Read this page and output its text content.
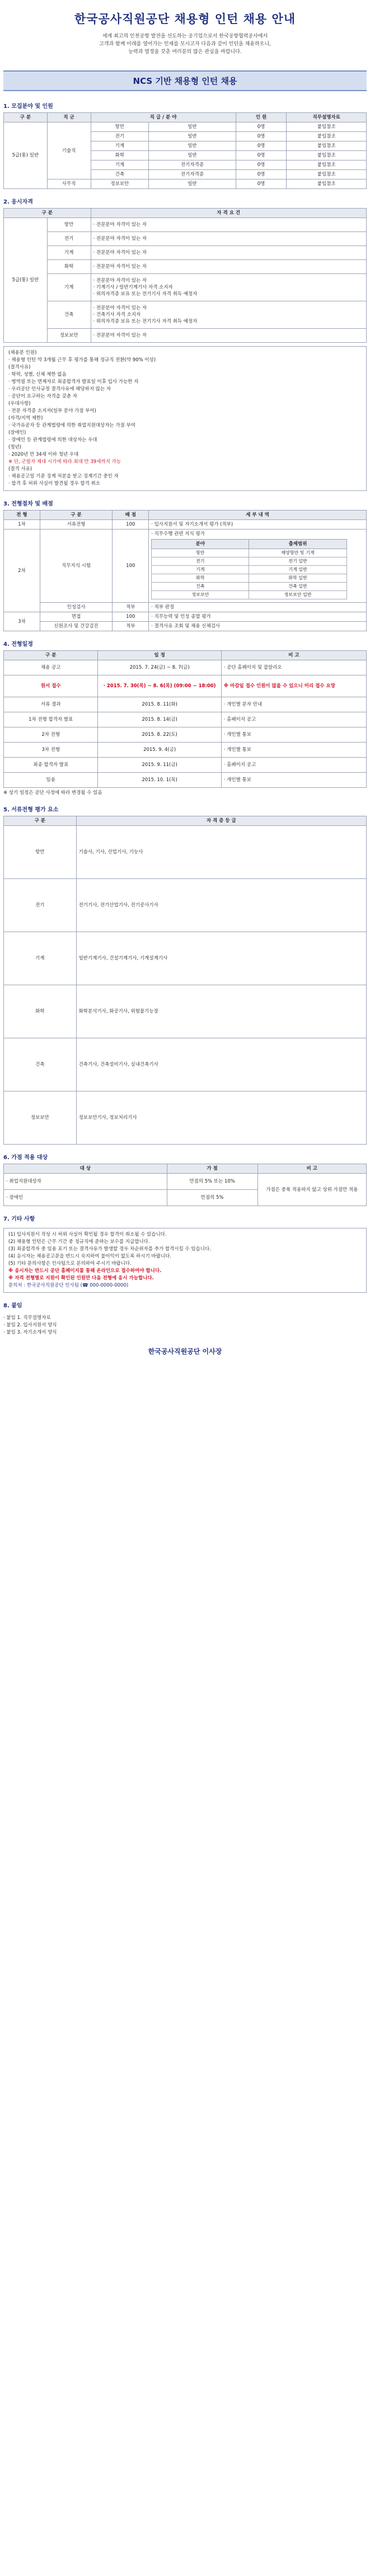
한국공사직원공단 채용형 인턴 채용 안내
세계 최고의 인천공항 발전을 선도하는 공기업으로서 한국공항협력공사에서
고객과 함께 미래를 열어가는 인재를 모시고자 다음과 같이 인턴을 채용하오니,
능력과 열정을 갖춘 여러분의 많은 관심을 바랍니다.
NCS 기반 채용형 인턴 채용
1. 모집분야 및 인원
구 분	직 군	직 급 / 분 야		인 원	직무설명자료
5급(통) 일반	기술직	항만	일반	0명	붙임참조
		전기	일반	0명	붙임참조
		기계	일반	0명	붙임참조
		화학	일반	0명	붙임참조
		기계	전기자격증	0명	붙임참조
		건축	전기자격증	0명	붙임참조
	사무직	정보보안	일반	0명	붙임참조
2. 응시자격
구 분		자 격 요 건
5급(통) 일반	항만	· 전문분야 자격이 있는 자
	전기	· 전문분야 자격이 있는 자
	기계	· 전문분야 자격이 있는 자
	화학	· 전문분야 자격이 있는 자
	기계	· 전문분야 자격이 있는 자
· 기계기사 / 일반기계기사 자격 소지자
· 위의자격증 보유 또는 전기기사 자격 취득 예정자
	건축	· 전문분야 자격이 있는 자
· 건축기사 자격 소지자
· 위의자격증 보유 또는 전기기사 자격 취득 예정자
	정보보안	· 전문분야 자격이 있는 자
(채용분 인원)
· 채용형 인턴 약 3개월 근무 후 평가를 통해 정규직 전환(약 90% 이상)
(결격사유)
· 학력, 성별, 신체 제한 없음
· 병역필 또는 면제자로 최종합격자 발표일 이후 입사 가능한 자
· 우리공단 인사규정 결격사유에 해당하지 않는 자
· 공단이 요구하는 자격을 갖춘 자
(우대사항)
· 전문 자격증 소지자(일부 분야 가점 부여)
(자격/지역 제한)
· 국가유공자 등 관계법령에 의한 취업지원대상자는 가점 부여
(장애인)
· 장애인 등 관계법령에 의한 대상자는 우대
(청년)
· 2020년 만 34세 이하 청년 우대
※ 단, 군필자 제대 시기에 따라 최대 만 39세까지 가능
(결격 사유)
· 채용공고일 기준 징계 처분을 받고 징계기간 중인 자
· 합격 후 허위 사실이 발견될 경우 합격 취소
3. 전형절차 및 배점
전 형	구 분	배 점	세 부 내 역
1차	서류전형	100	· 입사지원서 및 자기소개서 평가 (적부)
2차	직무지식 시험	100	
· 직무수행 관련 지식 평가
분야	출제범위
항만	해양항만 및 기계
전기	전기 일반
기계	기계 일반
화학	화학 일반
건축	건축 일반
정보보안	정보보안 일반

인성검사	적부	· 적부 판정
3차	면접	100	· 직무능력 및 인성 종합 평가
신원조사 및 건강검진	적부	· 결격사유 조회 및 채용 신체검사
4. 전형일정
구 분	일 정	비 고
채용 공고	2015. 7. 24(금) ~ 8. 7(금)	· 공단 홈페이지 및 잡알리오
원서 접수	· 2015. 7. 30(목) ~ 8. 6(목) (09:00 ~ 18:00)	※ 마감일 접수 인원이 많을 수 있으니 미리 접수 요망
서류 결과	2015. 8. 11(화)	· 개인별 문자 안내
1차 전형 합격자 발표	2015. 8. 14(금)	· 홈페이지 공고
2차 전형	2015. 8. 22(토)	· 개인별 통보
3차 전형	2015. 9. 4(금)	· 개인별 통보
최종 합격자 발표	2015. 9. 11(금)	· 홈페이지 공고
임용	2015. 10. 1(목)	· 개인별 통보
※ 상기 일정은 공단 사정에 따라 변경될 수 있음
5. 서류전형 평가 요소
구 분	자 격 증 등 급
항만	기술사, 기사, 산업기사, 기능사
전기	전기기사, 전기산업기사, 전기공사기사
기계	일반기계기사, 건설기계기사, 기계설계기사
화학	화학분석기사, 화공기사, 위험물기능장
건축	건축기사, 건축설비기사, 실내건축기사
정보보안	정보보안기사, 정보처리기사
6. 가점 적용 대상
대 상	가 점	비 고
· 취업지원대상자	만점의 5% 또는 10%	가점은 중복 적용하지 않고 상위 가점만 적용
· 장애인	만점의 5%	
7. 기타 사항
(1) 입사지원서 작성 시 허위 사실이 확인될 경우 합격이 취소될 수 있습니다.
(2) 채용형 인턴은 근무 기간 중 정규직에 준하는 보수를 지급합니다.
(3) 최종합격자 중 임용 포기 또는 결격사유가 발생할 경우 차순위자를 추가 합격시킬 수 있습니다.
(4) 응시자는 채용공고문을 반드시 숙지하여 불이익이 없도록 하시기 바랍니다.
(5) 기타 문의사항은 인사팀으로 문의하여 주시기 바랍니다.
※ 응시자는 반드시 공단 홈페이지를 통해 온라인으로 접수하여야 합니다.
※ 자격 전형별로 지원이 확인된 인원만 다음 전형에 응시 가능합니다.
문의처 : 한국공사직원공단 인사팀 (☎ 000-0000-0000)
8. 붙임
· 붙임 1. 직무설명자료
· 붙임 2. 입사지원서 양식
· 붙임 3. 자기소개서 양식
한국공사직원공단 이사장
